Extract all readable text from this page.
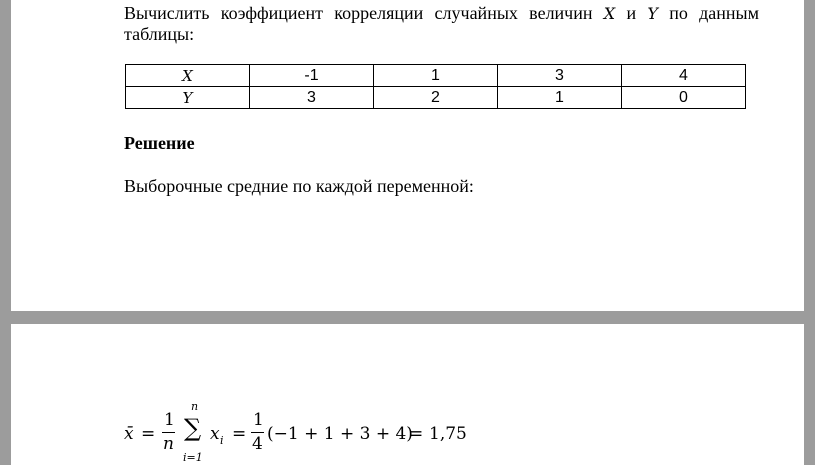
Вычислить коэффициент корреляции случайных величин X и Y по данным таблицы:

X	-1	1	3	4
Y	3	2	1	0
Решение
Выборочные средние по каждой переменной:
x̄ =
1
n
n
∑
i=1
x i =
1
4 (−1 + 1 + 3 + 4)
= 1,75
